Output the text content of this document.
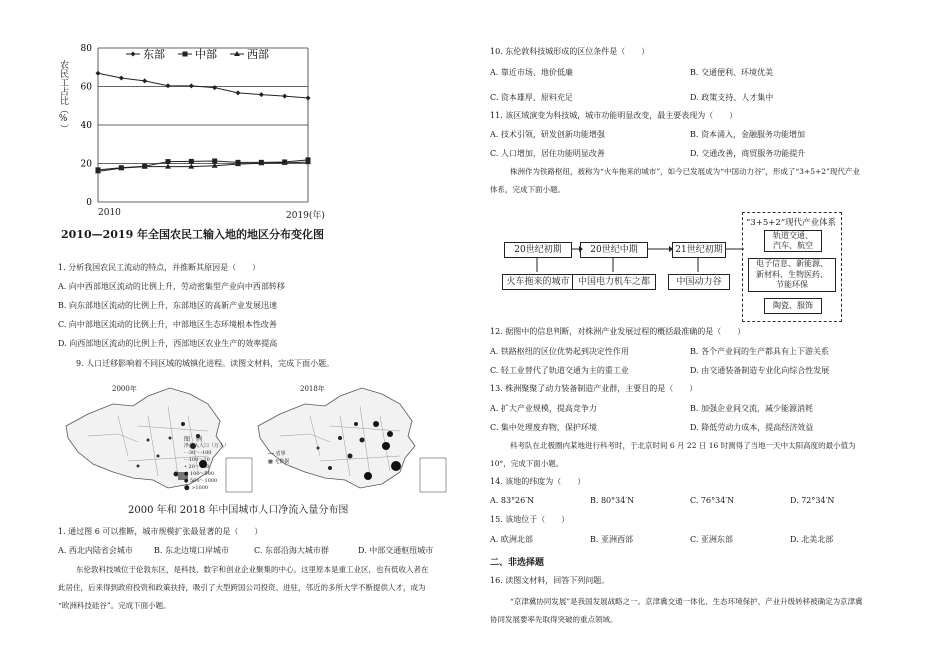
0
20
40
60
80	东部	中部	西部
农民工占比（%）
2010	2019(年)
2010—2019 年全国农民工输入地的地区分布变化图
1. 分析我国农民工流动的特点，并推断其原因是（　　）
A. 向中西部地区流动的比例上升，劳动密集型产业向中西部转移
B. 向东部地区流动的比例上升，东部地区的高新产业发展迅速
C. 向中部地区流动的比例上升，中部地区生态环境根本性改善
D. 向西部地区流动的比例上升，西部地区农业生产的效率提高
9. 人口迁移影响着不同区域的城镇化进程。读图文材料，完成下面小题。
2000年	2018年
图　例
净流入人口（万人）
· -30～-100
· -100～20
• 20～100
● 100～500
● 500～1000
⬤ >1000
── 省界
▩ 无数据
2000 年和 2018 年中国城市人口净流入量分布图
1. 通过图 6 可以推断，城市规模扩张最显著的是（　　）
A. 西北内陆省会城市	B. 东北边境口岸城市	C. 东部沿海大城市群	D. 中部交通枢纽城市
东伦敦科技城位于伦敦东区，是科技、数字和创业企业聚集的中心。这里原本是重工业区，也有低收入者在
此居住，后来得到政府投资和政策扶持，吸引了大型跨国公司投资、进驻，邻近的多所大学不断提供人才，成为
“欧洲科技硅谷”。完成下面小题。
10. 东伦敦科技城形成的区位条件是（　　）
A. 靠近市场、地价低廉	B. 交通便利、环境优美
C. 资本雄厚、原料充足	D. 政策支持、人才集中
11. 该区域演变为科技城，城市功能明显改变，最主要表现为（　　）
A. 技术引领，研发创新功能增强	B. 资本涌入，金融服务功能增加
C. 人口增加，居住功能明显改善	D. 交通改善，商贸服务功能提升
株洲作为铁路枢纽，被称为“火车拖来的城市”，如今已发展成为“中国动力谷”，形成了“3+5+2”现代产业
体系，完成下面小题。
20世纪初期	20世纪中期	21世纪初期
火车拖来的城市 中国电力机车之都	中国动力谷
“3+5+2”现代产业体系
轨道交通、
汽车、航空
电子信息、新能源、
新材料、生物医药、
节能环保
陶瓷、服饰
12. 据图中的信息判断，对株洲产业发展过程的概括最准确的是（　　）
A. 铁路枢纽的区位优势起到决定性作用	B. 各个产业间的生产都具有上下游关系
C. 轻工业替代了轨道交通为主的重工业	D. 由交通装备制造专业化向综合性发展
13. 株洲聚聚了动力装备制造产业群，主要目的是（　　）
A. 扩大产业规模，提高竞争力	B. 加强企业间交流，减少能源消耗
C. 集中处理废弃物，保护环境	D. 降低劳动力成本，提高经济效益
科考队在北极圈内某地进行科考时，于北京时间 6 月 22 日 16 时测得了当地一天中太阳高度的最小值为
10°，完成下面小题。
14. 该地的纬度为（　　）
A. 83°26′N	B. 80°34′N	C. 76°34′N	D. 72°34′N
15. 该地位于（　　）
A. 欧洲北部	B. 亚洲西部	C. 亚洲东部	D. 北美北部
二、非选择题
16. 读图文材料，回答下列问题。
“京津冀协同发展”是我国发展战略之一。京津冀交通一体化、生态环境保护、产业升级转移被确定为京津冀
协同发展要率先取得突破的重点领域。
